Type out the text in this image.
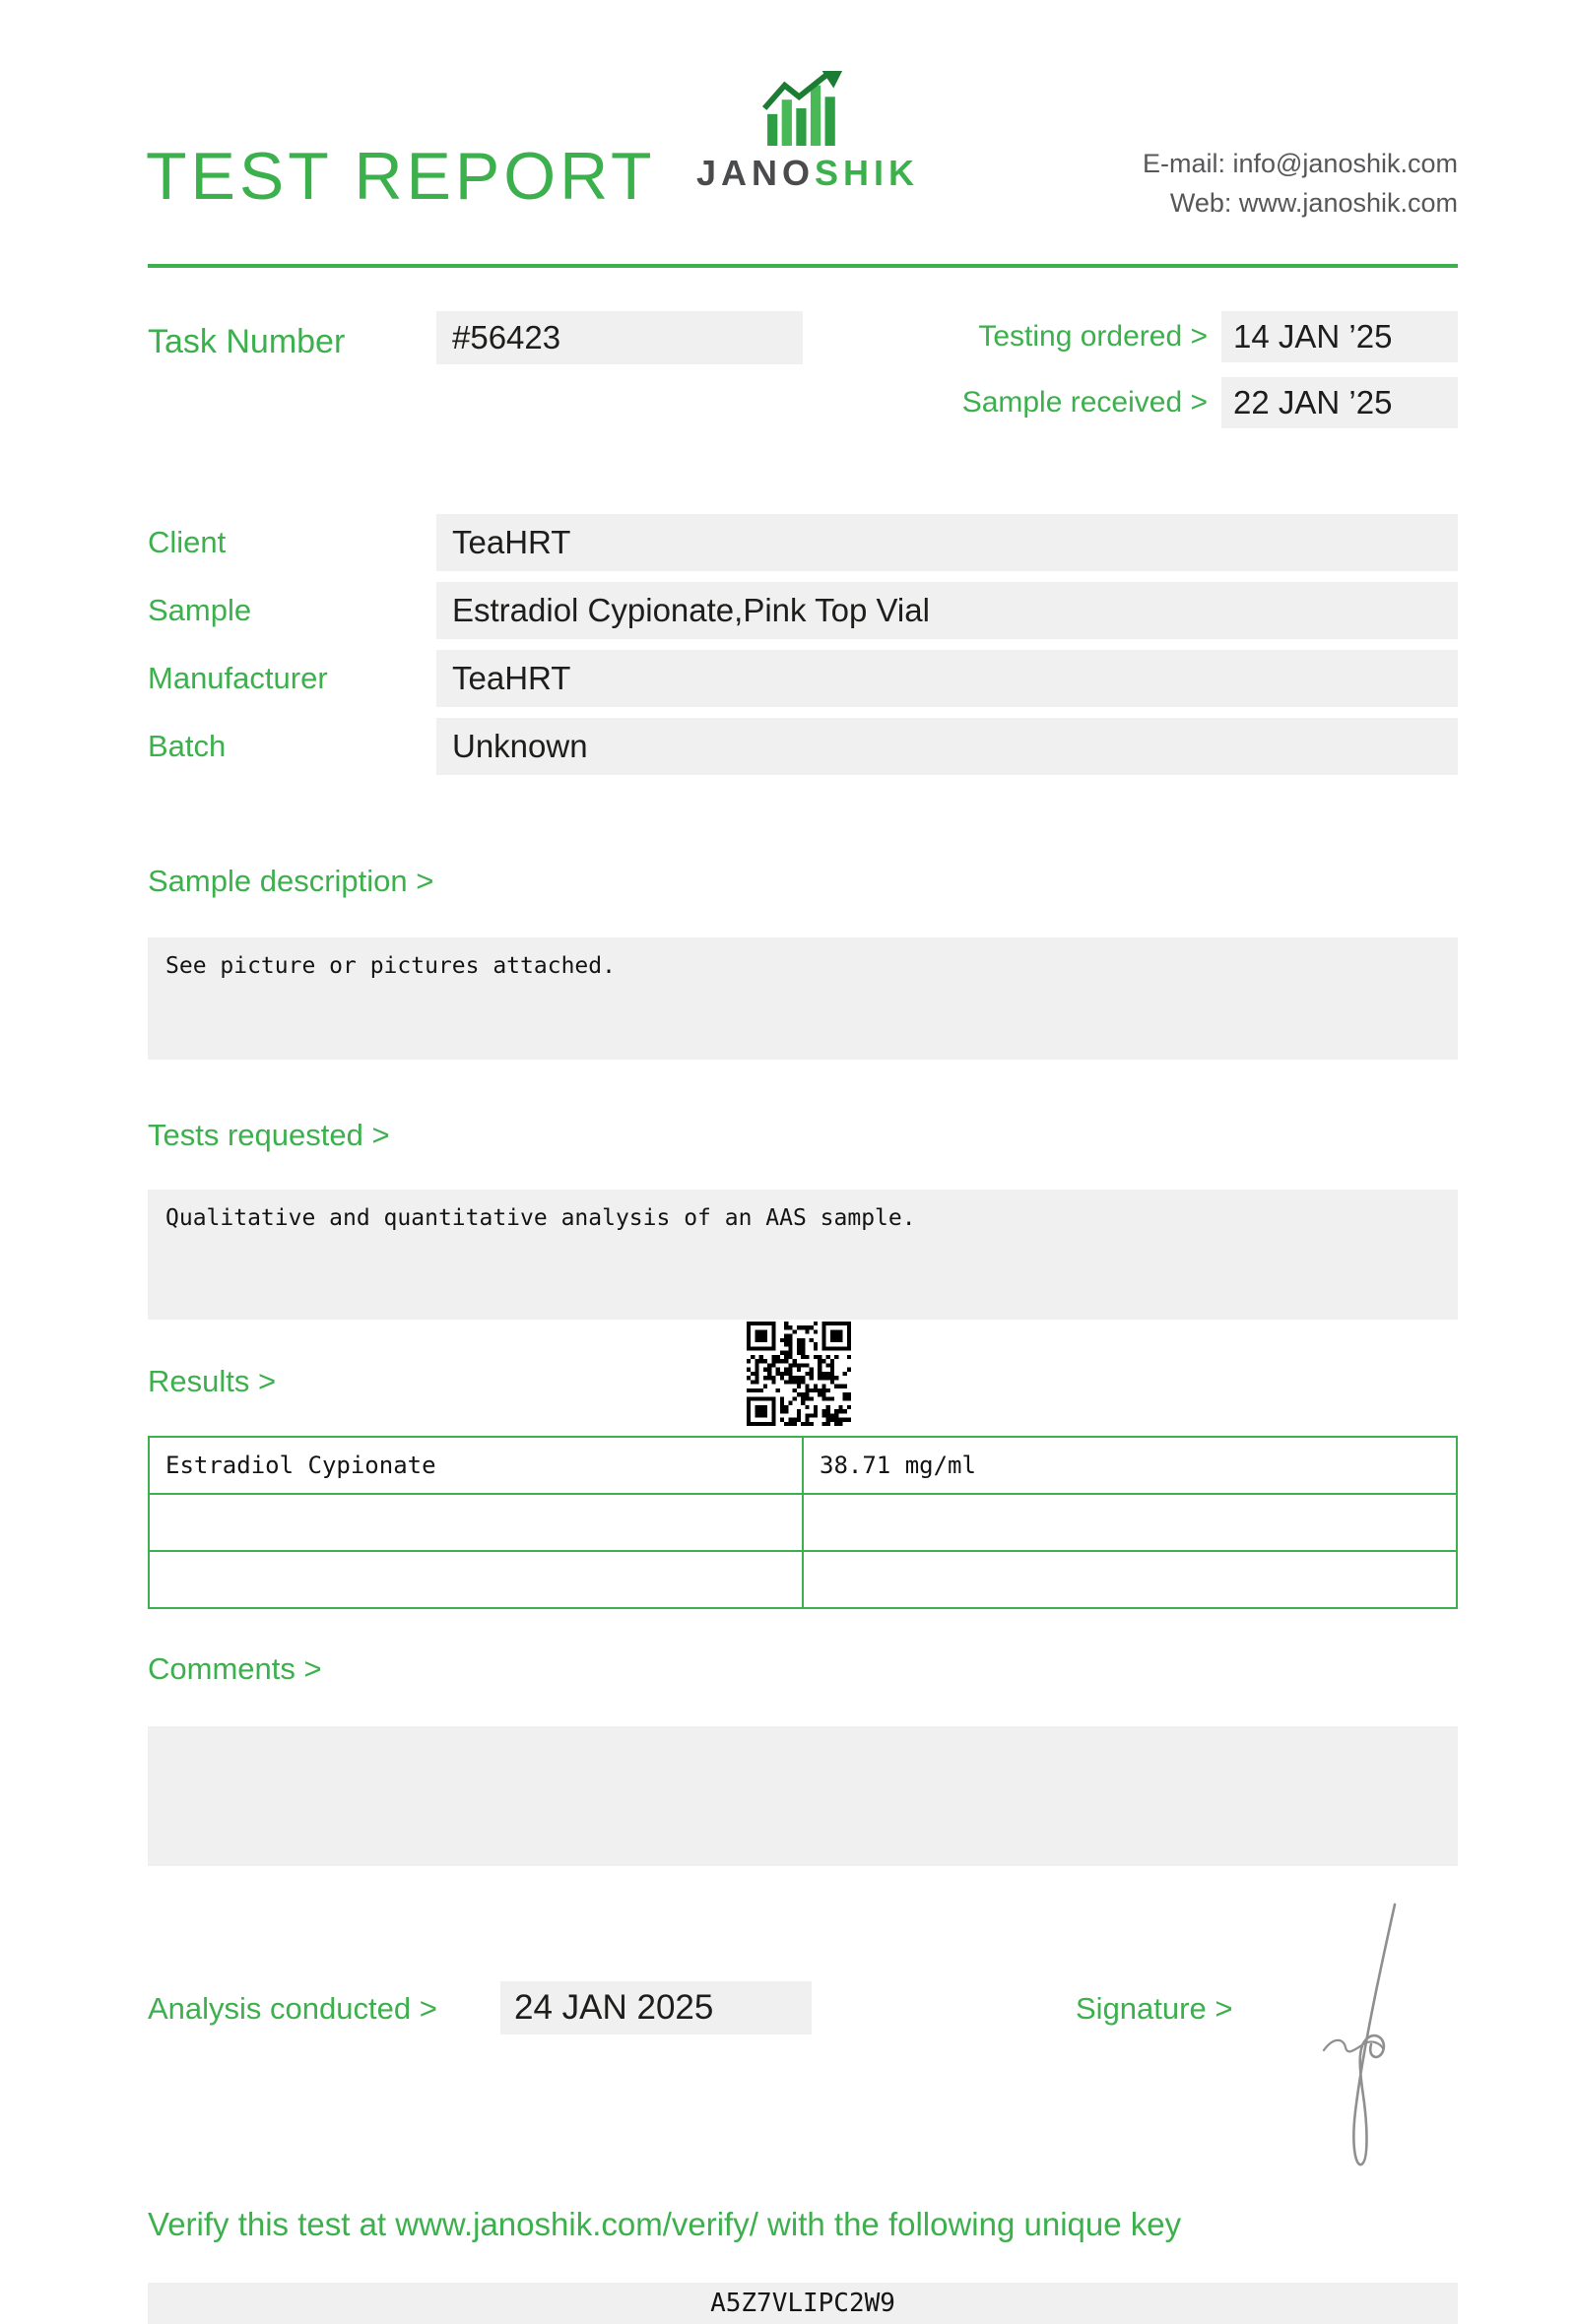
TEST REPORT JANOSHIK	E-mail: info@janoshik.com
Web: www.janoshik.com
Task Number	#56423	Testing ordered > 14 JAN ’25
Sample received > 22 JAN ’25
Client	TeaHRT
Sample	Estradiol Cypionate,Pink Top Vial
Manufacturer	TeaHRT
Batch	Unknown
Sample description >
See picture or pictures attached.
Tests requested >
Qualitative and quantitative analysis of an AAS sample.
Results >
Estradiol Cypionate	38.71 mg/ml

Comments >
Analysis conducted >	24 JAN 2025	Signature >
Verify this test at www.janoshik.com/verify/ with the following unique key
A5Z7VLIPC2W9
